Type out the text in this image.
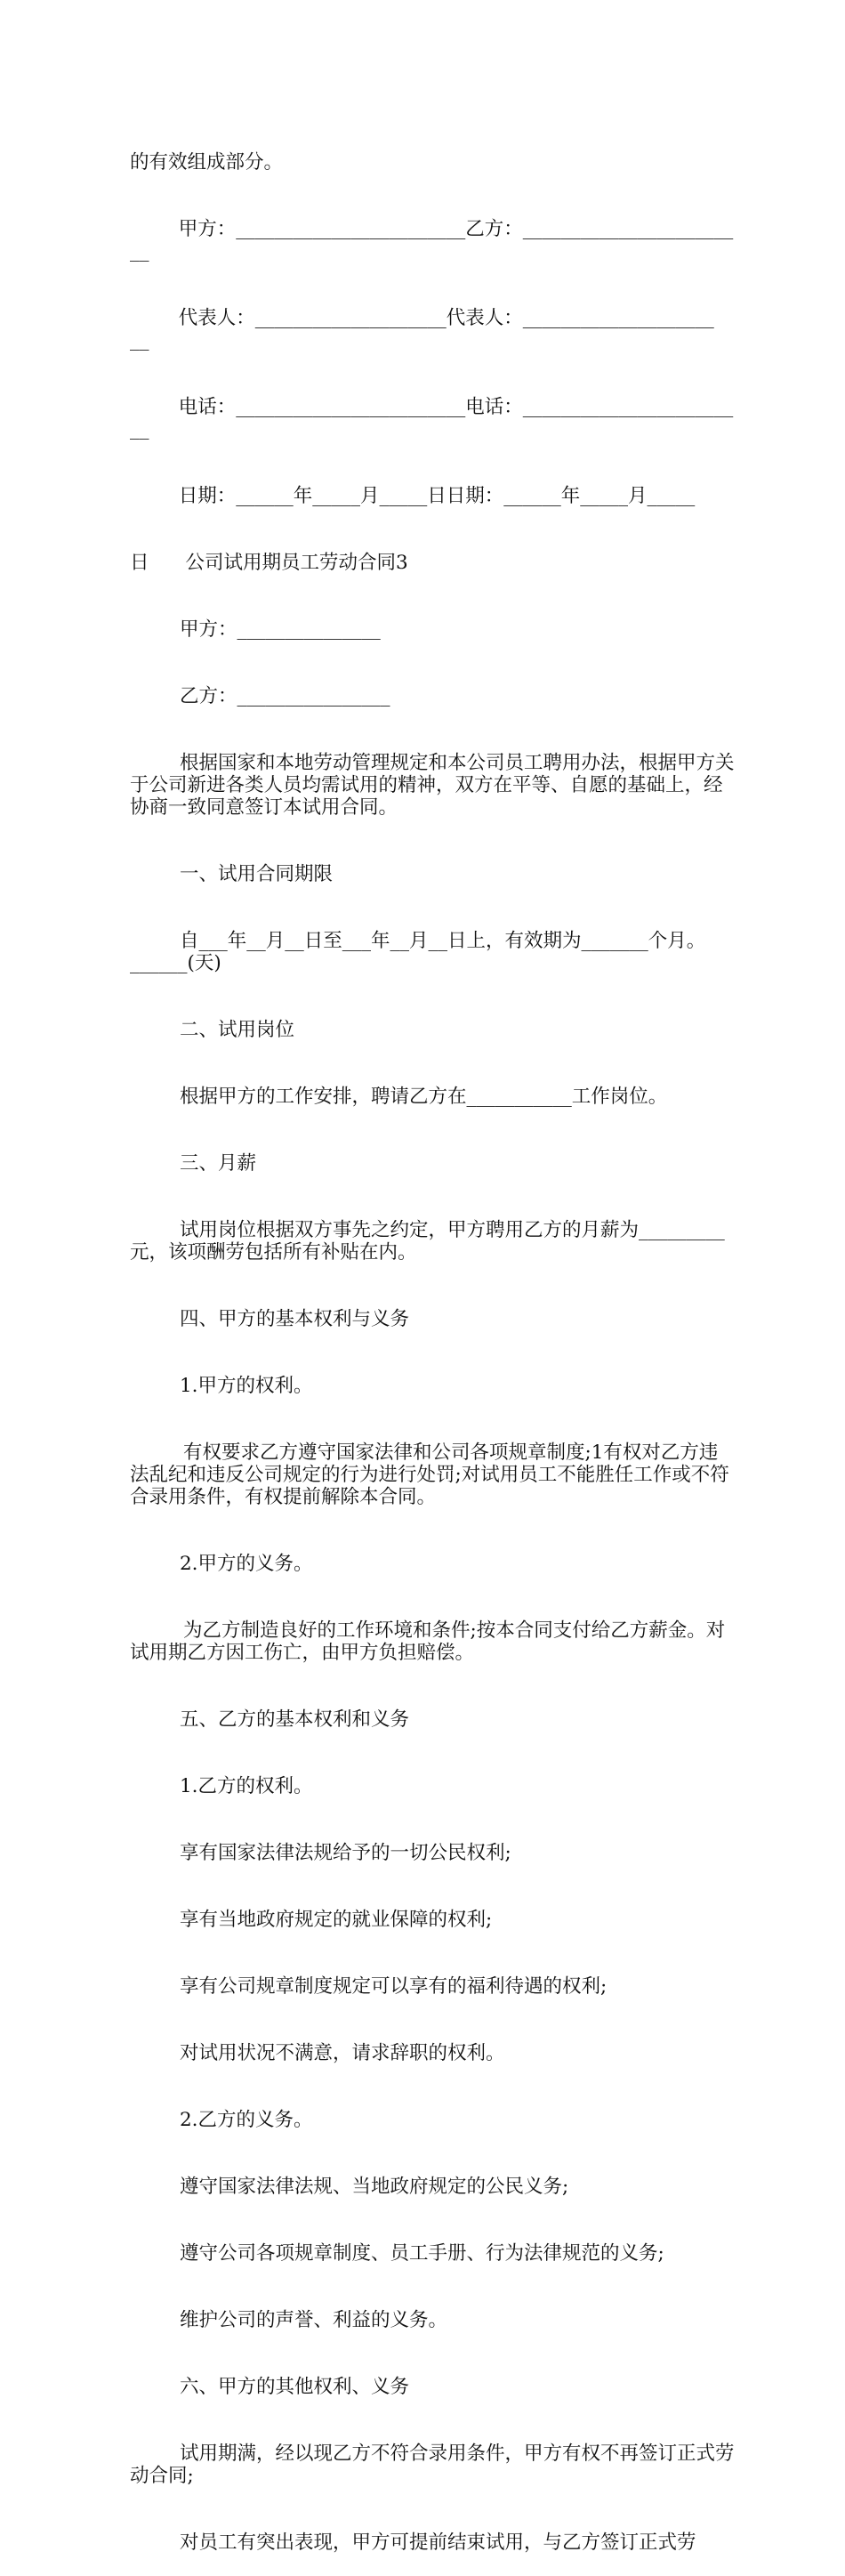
的有效组成部分。

甲方：________________________乙方：______________________
__

代表人：____________________代表人：____________________
__

电话：________________________电话：______________________
__

日期：______年_____月_____日日期：______年_____月_____

日      公司试用期员工劳动合同3

甲方：_______________

乙方：________________

根据国家和本地劳动管理规定和本公司员工聘用办法，根据甲方关于公司新进各类人员均需试用的精神，双方在平等、自愿的基础上，经协商一致同意签订本试用合同。

一、试用合同期限

自___年__月__日至___年__月__日上，有效期为_______个月。______(天)

二、试用岗位

根据甲方的工作安排，聘请乙方在___________工作岗位。

三、月薪

试用岗位根据双方事先之约定，甲方聘用乙方的月薪为_________元，该项酬劳包括所有补贴在内。

四、甲方的基本权利与义务

1.甲方的权利。

有权要求乙方遵守国家法律和公司各项规章制度;1有权对乙方违法乱纪和违反公司规定的行为进行处罚;对试用员工不能胜任工作或不符合录用条件，有权提前解除本合同。

2.甲方的义务。

为乙方制造良好的工作环境和条件;按本合同支付给乙方薪金。对试用期乙方因工伤亡，由甲方负担赔偿。

五、乙方的基本权利和义务

1.乙方的权利。

享有国家法律法规给予的一切公民权利;

享有当地政府规定的就业保障的权利;

享有公司规章制度规定可以享有的福利待遇的权利;

对试用状况不满意，请求辞职的权利。

2.乙方的义务。

遵守国家法律法规、当地政府规定的公民义务;

遵守公司各项规章制度、员工手册、行为法律规范的义务;

维护公司的声誉、利益的义务。

六、甲方的其他权利、义务

试用期满，经以现乙方不符合录用条件，甲方有权不再签订正式劳动合同;

对员工有突出表现，甲方可提前结束试用，与乙方签订正式劳
